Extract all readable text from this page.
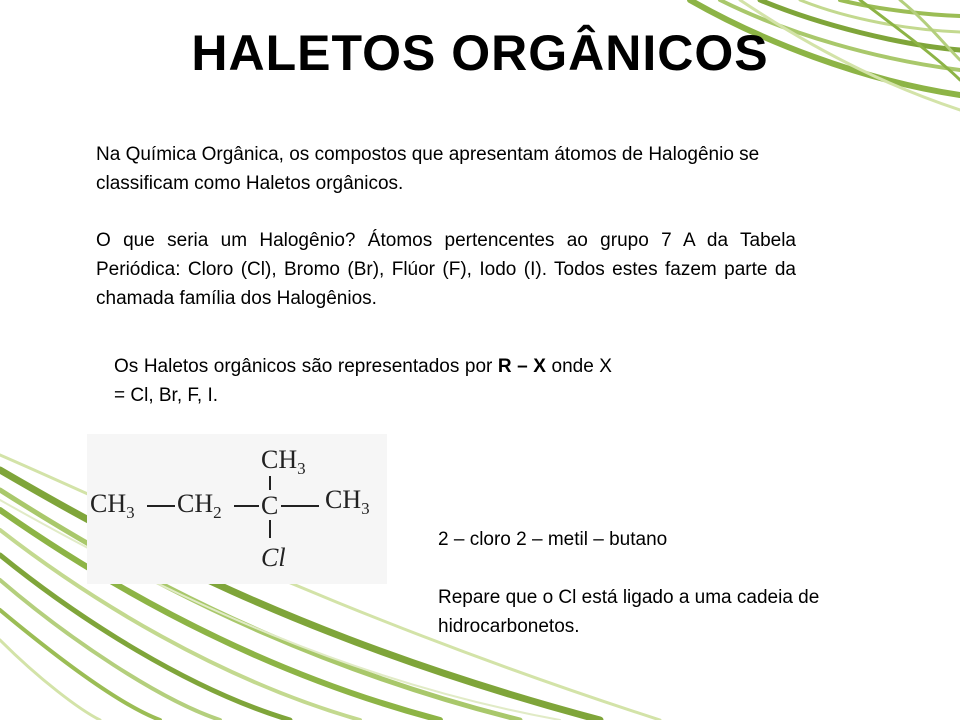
HALETOS ORGÂNICOS

Na Química Orgânica, os compostos que apresentam átomos de Halogênio se classificam como Haletos orgânicos.

O que seria um Halogênio? Átomos pertencentes ao grupo 7 A da Tabela Periódica: Cloro (Cl), Bromo (Br), Flúor (F), Iodo (I). Todos estes fazem parte da chamada família dos Halogênios.

Os Haletos orgânicos são representados por R – X onde X = Cl, Br, F, I.

$CH_3$
$CH_3$ $CH_2$ C $CH_3$
Cl

2 – cloro 2 – metil – butano

Repare que o Cl está ligado a uma cadeia de hidrocarbonetos.
